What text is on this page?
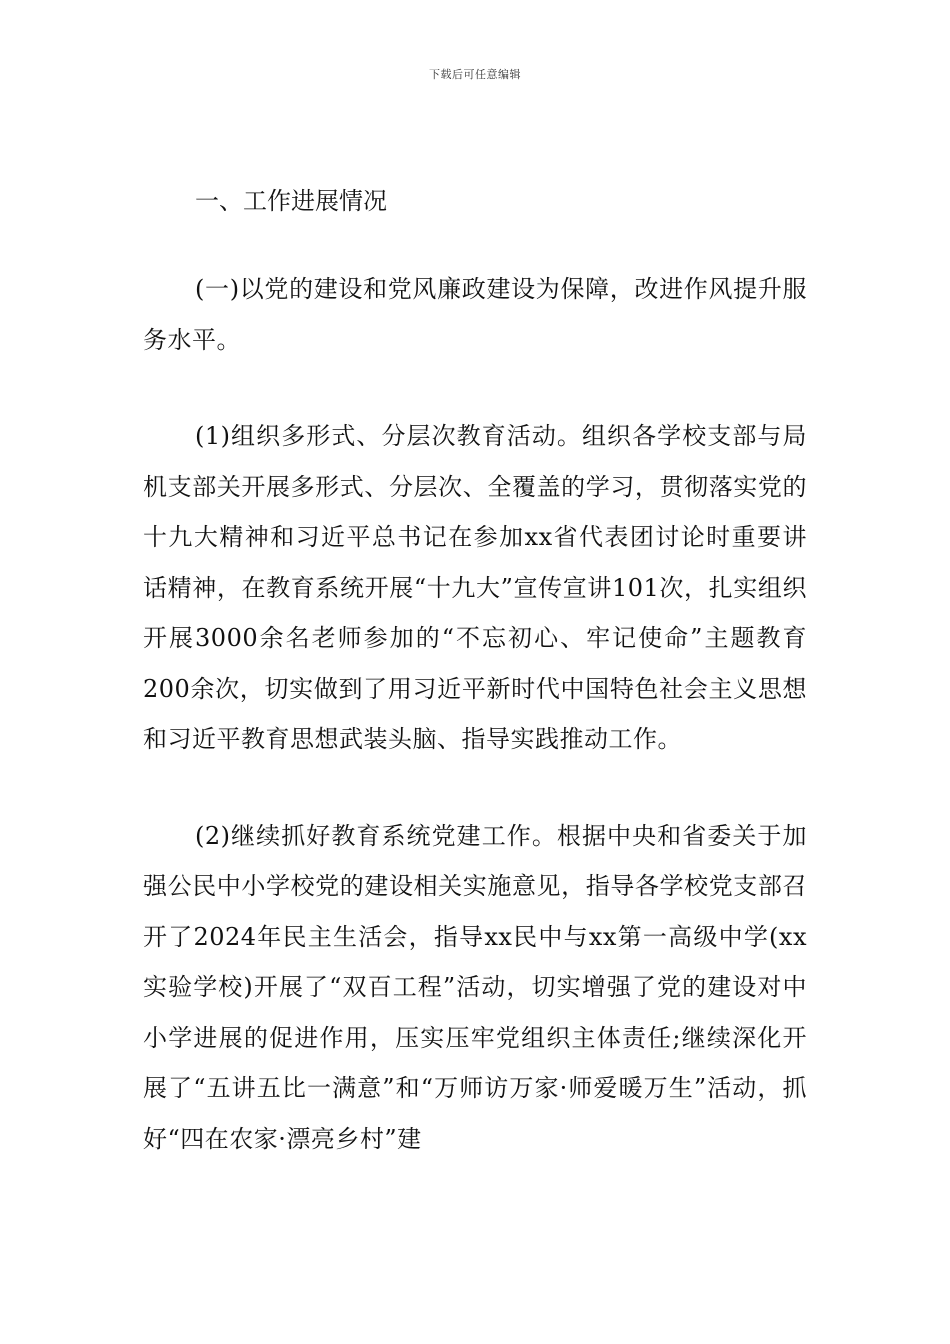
下载后可任意编辑
一、工作进展情况

(一)以党的建设和党风廉政建设为保障，改进作风提升服务水平。

(1)组织多形式、分层次教育活动。组织各学校支部与局机支部关开展多形式、分层次、全覆盖的学习，贯彻落实党的十九大精神和习近平总书记在参加xx省代表团讨论时重要讲话精神，在教育系统开展“十九大”宣传宣讲101次，扎实组织开展3000余名老师参加的“不忘初心、牢记使命”主题教育200余次，切实做到了用习近平新时代中国特色社会主义思想和习近平教育思想武装头脑、指导实践推动工作。

(2)继续抓好教育系统党建工作。根据中央和省委关于加强公民中小学校党的建设相关实施意见，指导各学校党支部召开了2024年民主生活会，指导xx民中与xx第一高级中学(xx实验学校)开展了“双百工程”活动，切实增强了党的建设对中小学进展的促进作用，压实压牢党组织主体责任;继续深化开展了“五讲五比一满意”和“万师访万家·师爱暖万生”活动，抓好“四在农家·漂亮乡村”建
